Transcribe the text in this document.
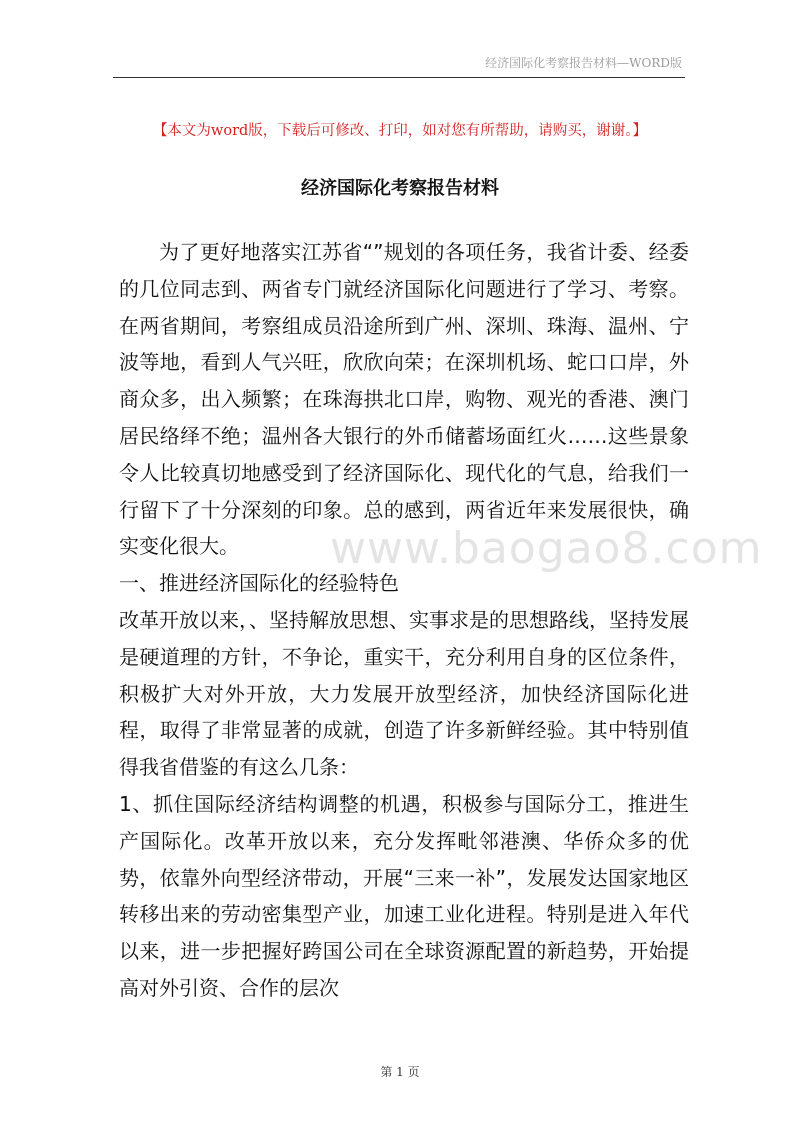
经济国际化考察报告材料—WORD版
【本文为word版，下载后可修改、打印，如对您有所帮助，请购买，谢谢。】
经济国际化考察报告材料

为了更好地落实江苏省“”规划的各项任务，我省计委、经委的几位同志到、两省专门就经济国际化问题进行了学习、考察。在两省期间，考察组成员沿途所到广州、深圳、珠海、温州、宁波等地，看到人气兴旺，欣欣向荣；在深圳机场、蛇口口岸，外商众多，出入频繁；在珠海拱北口岸，购物、观光的香港、澳门居民络绎不绝；温州各大银行的外币储蓄场面红火……这些景象令人比较真切地感受到了经济国际化、现代化的气息，给我们一行留下了十分深刻的印象。总的感到，两省近年来发展很快，确实变化很大。

一、推进经济国际化的经验特色

改革开放以来，、坚持解放思想、实事求是的思想路线，坚持发展是硬道理的方针，不争论，重实干，充分利用自身的区位条件，积极扩大对外开放，大力发展开放型经济，加快经济国际化进程，取得了非常显著的成就，创造了许多新鲜经验。其中特别值得我省借鉴的有这么几条：

1、抓住国际经济结构调整的机遇，积极参与国际分工，推进生产国际化。改革开放以来，充分发挥毗邻港澳、华侨众多的优势，依靠外向型经济带动，开展“三来一补”，发展发达国家地区转移出来的劳动密集型产业，加速工业化进程。特别是进入年代以来，进一步把握好跨国公司在全球资源配置的新趋势，开始提高对外引资、合作的层次

www.baogao8.com
第 1 页
